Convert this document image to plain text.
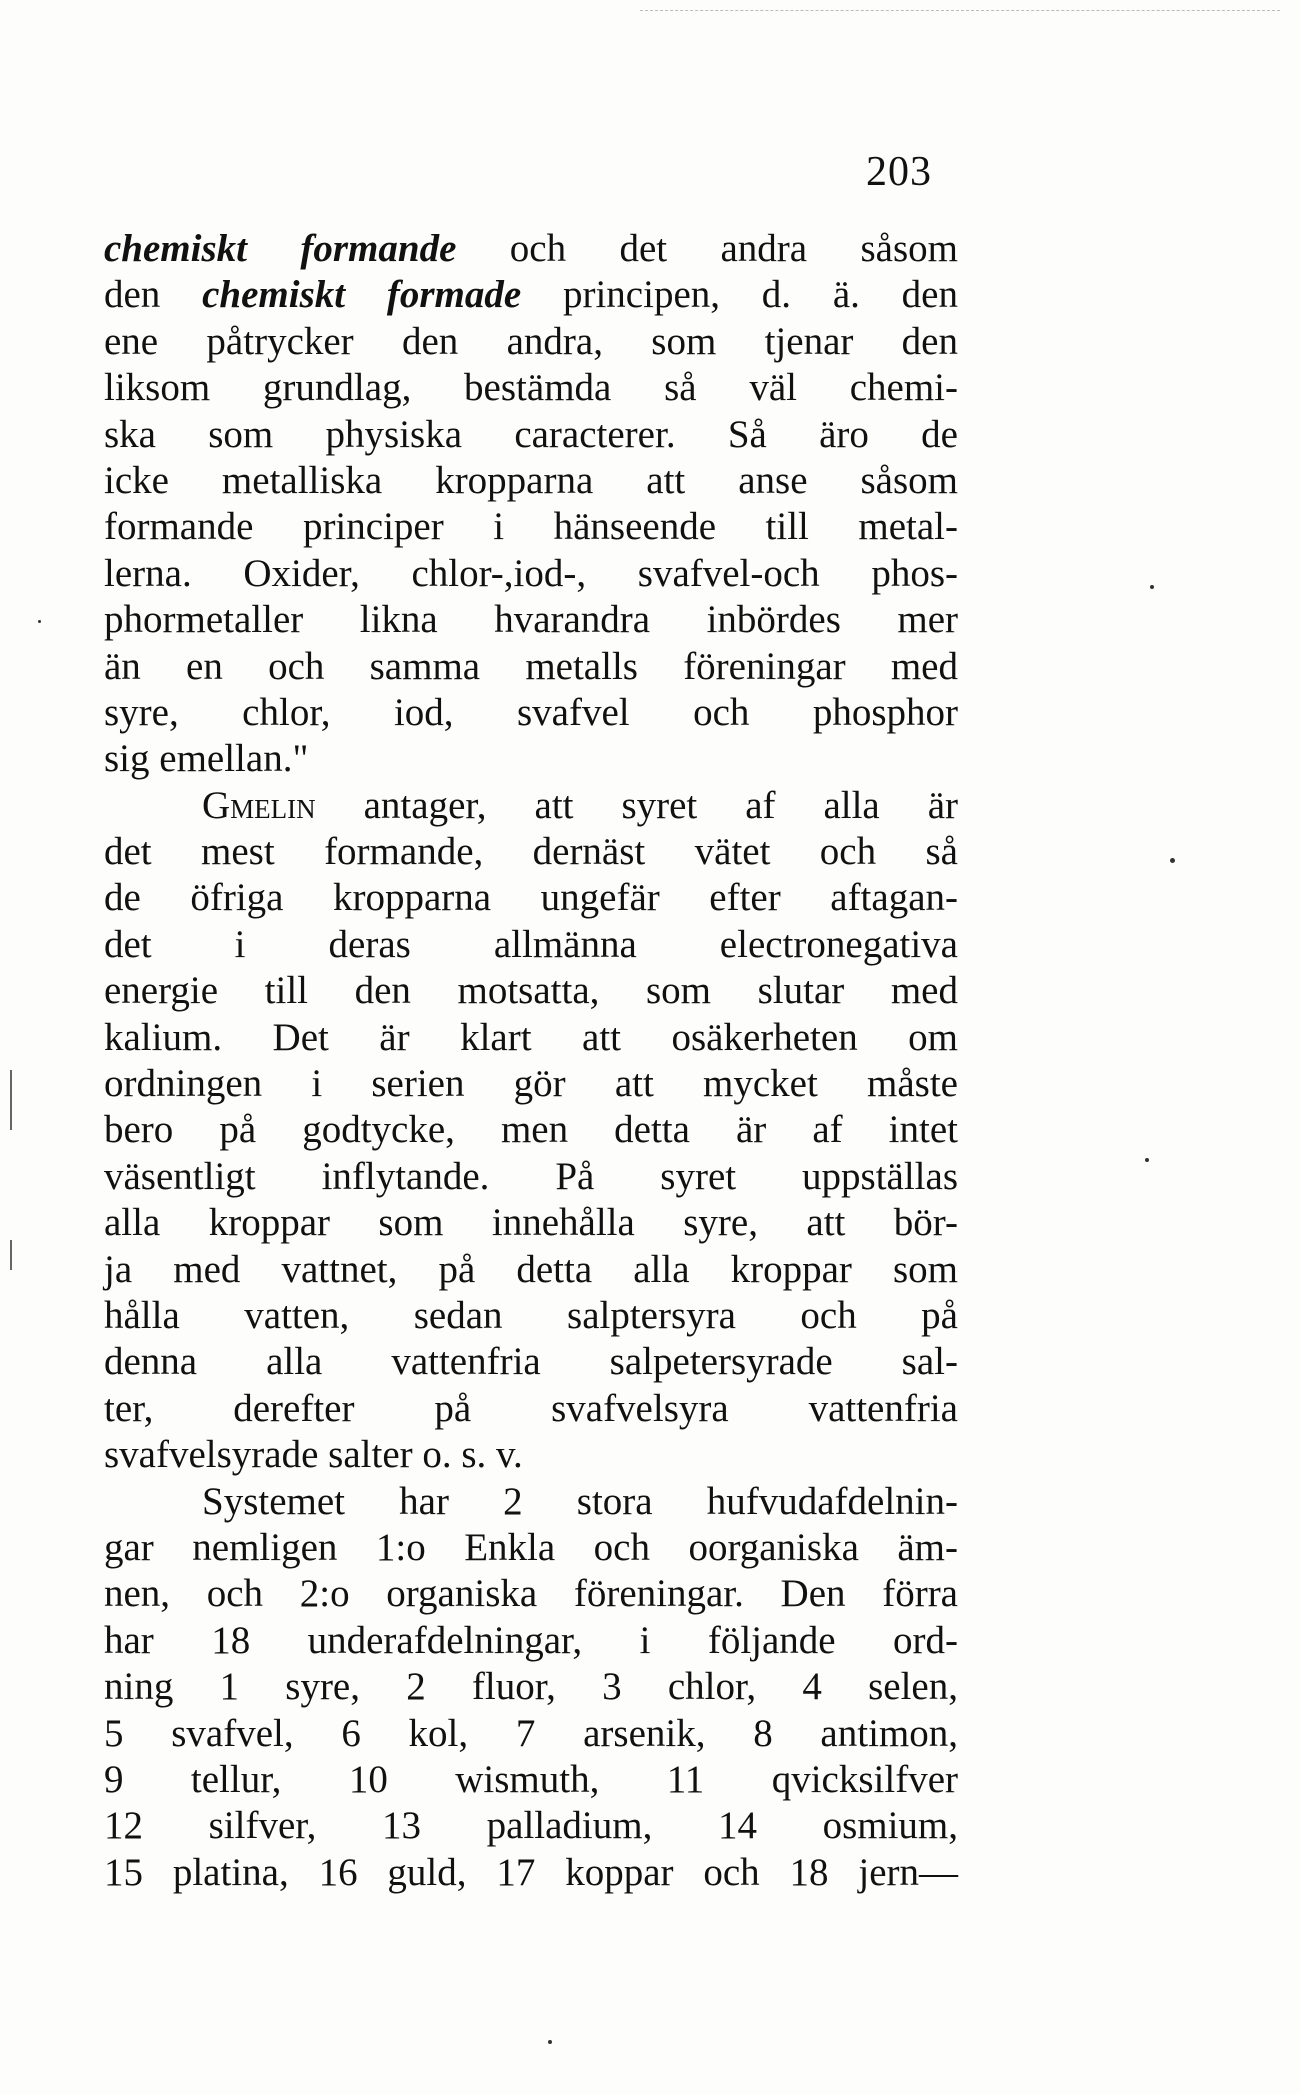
203
chemiskt formande och det andra såsom
den chemiskt formade principen, d. ä. den
ene påtrycker den andra, som tjenar den
liksom grundlag, bestämda så väl chemi-
ska som physiska caracterer. Så äro de
icke metalliska kropparna att anse såsom
formande principer i hänseende till metal-
lerna. Oxider, chlor-,iod-, svafvel-och phos-
phormetaller likna hvarandra inbördes mer
än en och samma metalls föreningar med
syre, chlor, iod, svafvel och phosphor
sig emellan."
Gmelin antager, att syret af alla är
det mest formande, dernäst vätet och så
de öfriga kropparna ungefär efter aftagan-
det i deras allmänna electronegativa
energie till den motsatta, som slutar med
kalium. Det är klart att osäkerheten om
ordningen i serien gör att mycket måste
bero på godtycke, men detta är af intet
väsentligt inflytande. På syret uppställas
alla kroppar som innehålla syre, att bör-
ja med vattnet, på detta alla kroppar som
hålla vatten, sedan salptersyra och på
denna alla vattenfria salpetersyrade sal-
ter, derefter på svafvelsyra vattenfria
svafvelsyrade salter o. s. v.
Systemet har 2 stora hufvudafdelnin-
gar nemligen 1:o Enkla och oorganiska äm-
nen, och 2:o organiska föreningar. Den förra
har 18 underafdelningar, i följande ord-
ning 1 syre, 2 fluor, 3 chlor, 4 selen,
5 svafvel, 6 kol, 7 arsenik, 8 antimon,
9 tellur, 10 wismuth, 11 qvicksilfver
12 silfver, 13 palladium, 14 osmium,
15 platina, 16 guld, 17 koppar och 18 jern—
